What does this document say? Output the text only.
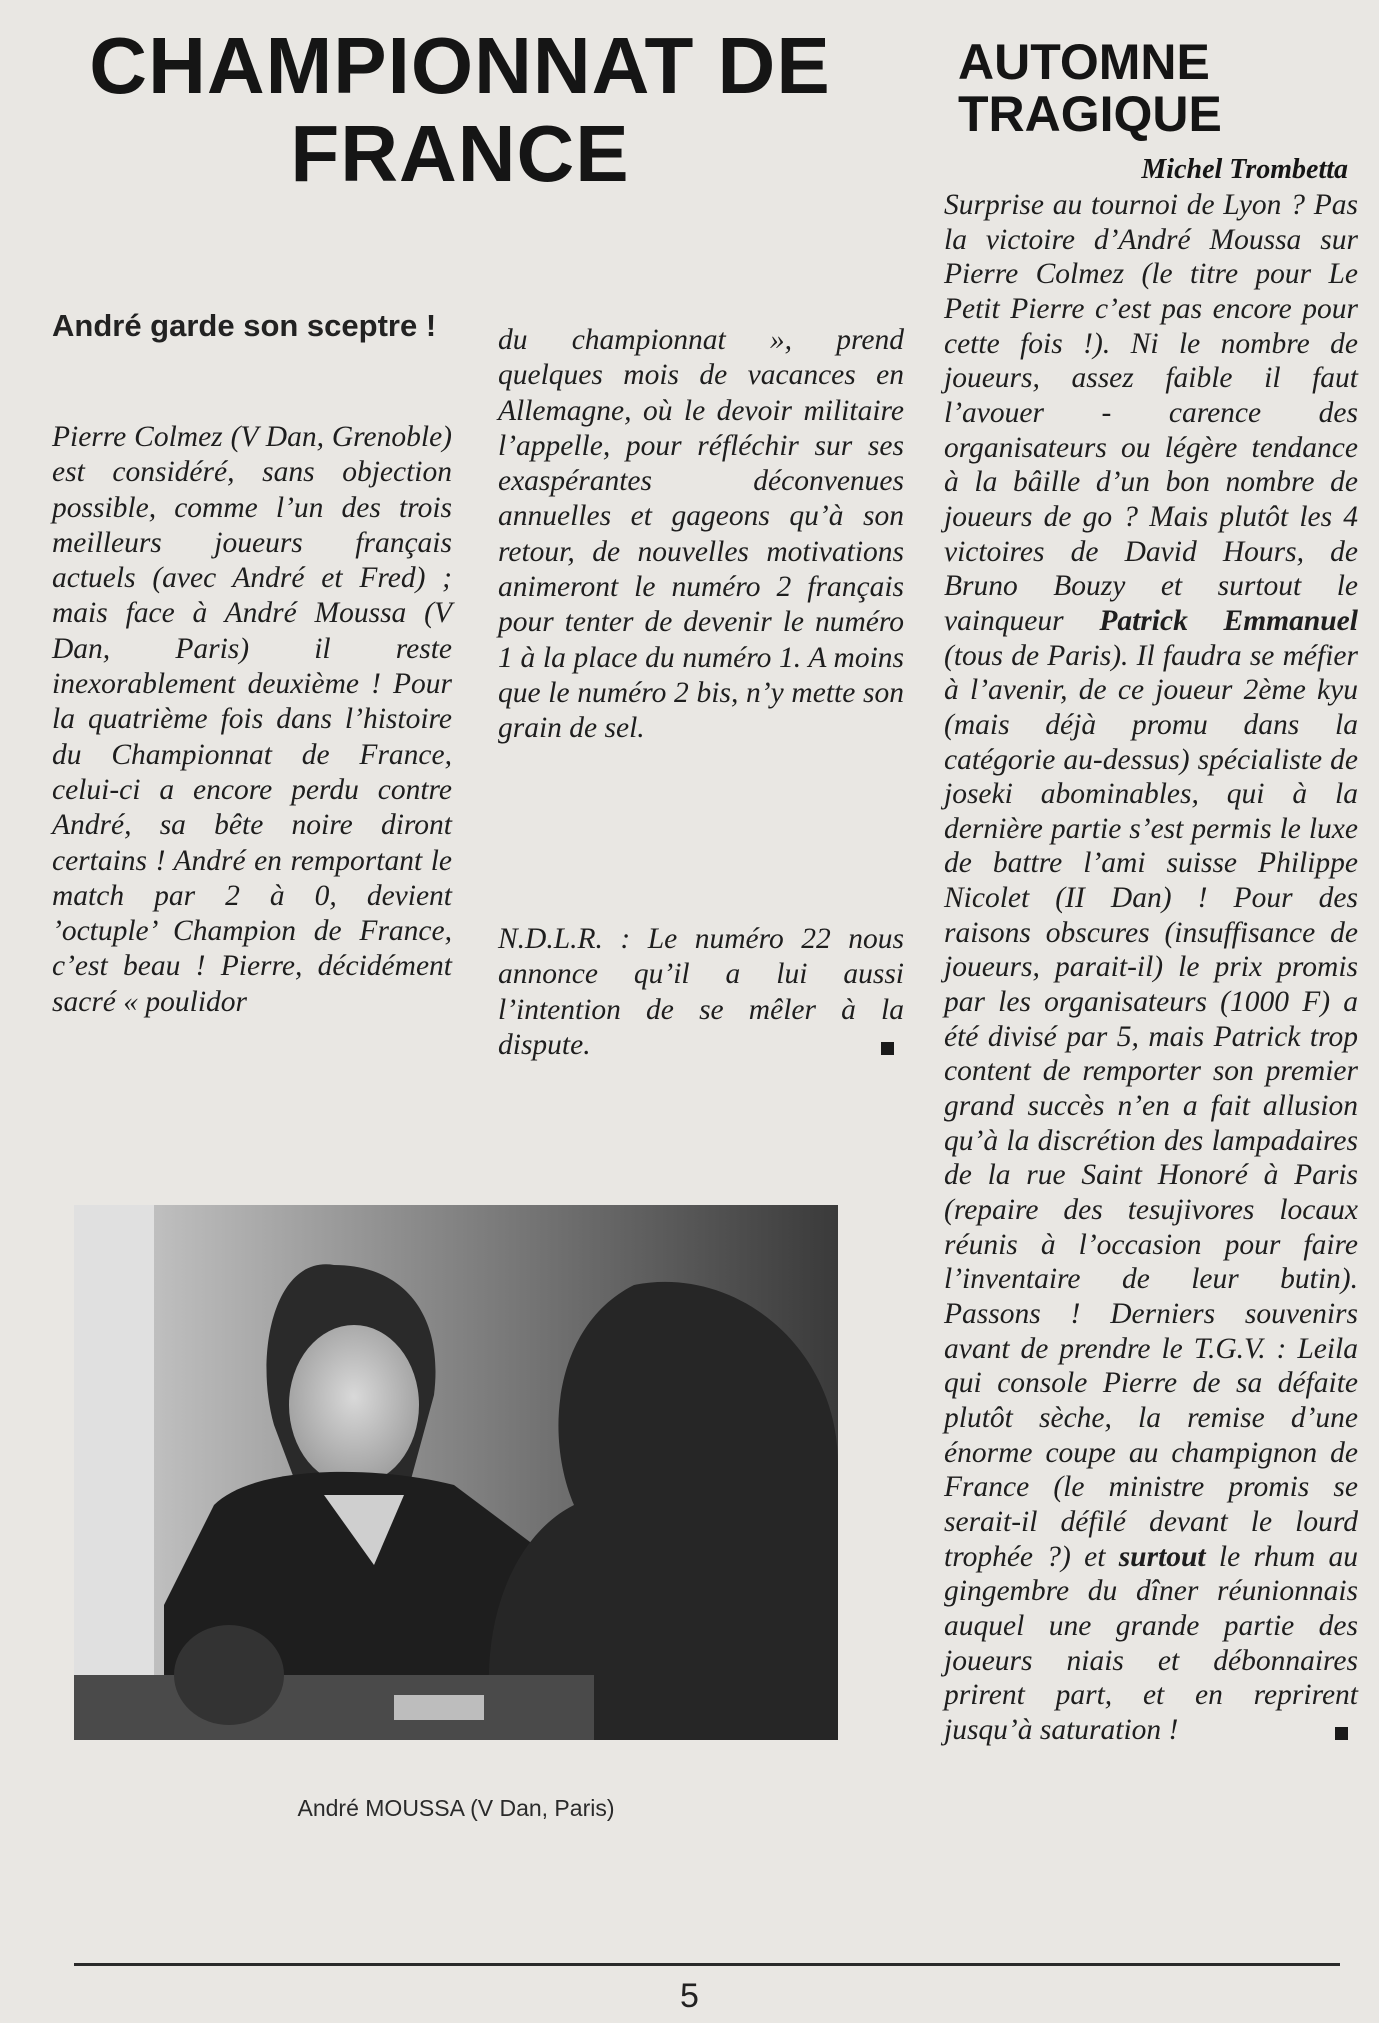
CHAMPIONNAT DE FRANCE
AUTOMNE
TRAGIQUE
Michel Trombetta
André garde son sceptre !

Pierre Colmez (V Dan, Grenoble) est considéré, sans objection possible, comme l’un des trois meilleurs joueurs français actuels (avec André et Fred) ; mais face à André Moussa (V Dan, Paris) il reste inexorablement deuxième ! Pour la quatrième fois dans l’histoire du Championnat de France, celui-ci a encore perdu contre André, sa bête noire diront certains ! André en remportant le match par 2 à 0, devient ’octuple’ Champion de France, c’est beau ! Pierre, décidément sacré « poulidor

du championnat », prend quelques mois de vacances en Allemagne, où le devoir militaire l’appelle, pour réfléchir sur ses exaspérantes déconvenues annuelles et gageons qu’à son retour, de nouvelles motivations animeront le numéro 2 français pour tenter de devenir le numéro 1 à la place du numéro 1. A moins que le numéro 2 bis, n’y mette son grain de sel.

N.D.L.R. : Le numéro 22 nous annonce qu’il a lui aussi l’intention de se mêler à la dispute.

Surprise au tournoi de Lyon ? Pas la victoire d’André Moussa sur Pierre Colmez (le titre pour Le Petit Pierre c’est pas encore pour cette fois !). Ni le nombre de joueurs, assez faible il faut l’avouer - carence des organisateurs ou légère tendance à la bâille d’un bon nombre de joueurs de go ? Mais plutôt les 4 victoires de David Hours, de Bruno Bouzy et surtout le vainqueur Patrick Emmanuel (tous de Paris). Il faudra se méfier à l’avenir, de ce joueur 2ème kyu (mais déjà promu dans la catégorie au-dessus) spécialiste de joseki abominables, qui à la dernière partie s’est permis le luxe de battre l’ami suisse Philippe Nicolet (II Dan) ! Pour des raisons obscures (insuffisance de joueurs, parait-il) le prix promis par les organisateurs (1000 F) a été divisé par 5, mais Patrick trop content de remporter son premier grand succès n’en a fait allusion qu’à la discrétion des lampadaires de la rue Saint Honoré à Paris (repaire des tesujivores locaux réunis à l’occasion pour faire l’inventaire de leur butin). Passons ! Derniers souvenirs avant de prendre le T.G.V. : Leila qui console Pierre de sa défaite plutôt sèche, la remise d’une énorme coupe au champignon de France (le ministre promis se serait-il défilé devant le lourd trophée ?) et surtout le rhum au gingembre du dîner réunionnais auquel une grande partie des joueurs niais et débonnaires prirent part, et en reprirent jusqu’à saturation !

André MOUSSA (V Dan, Paris)
5
